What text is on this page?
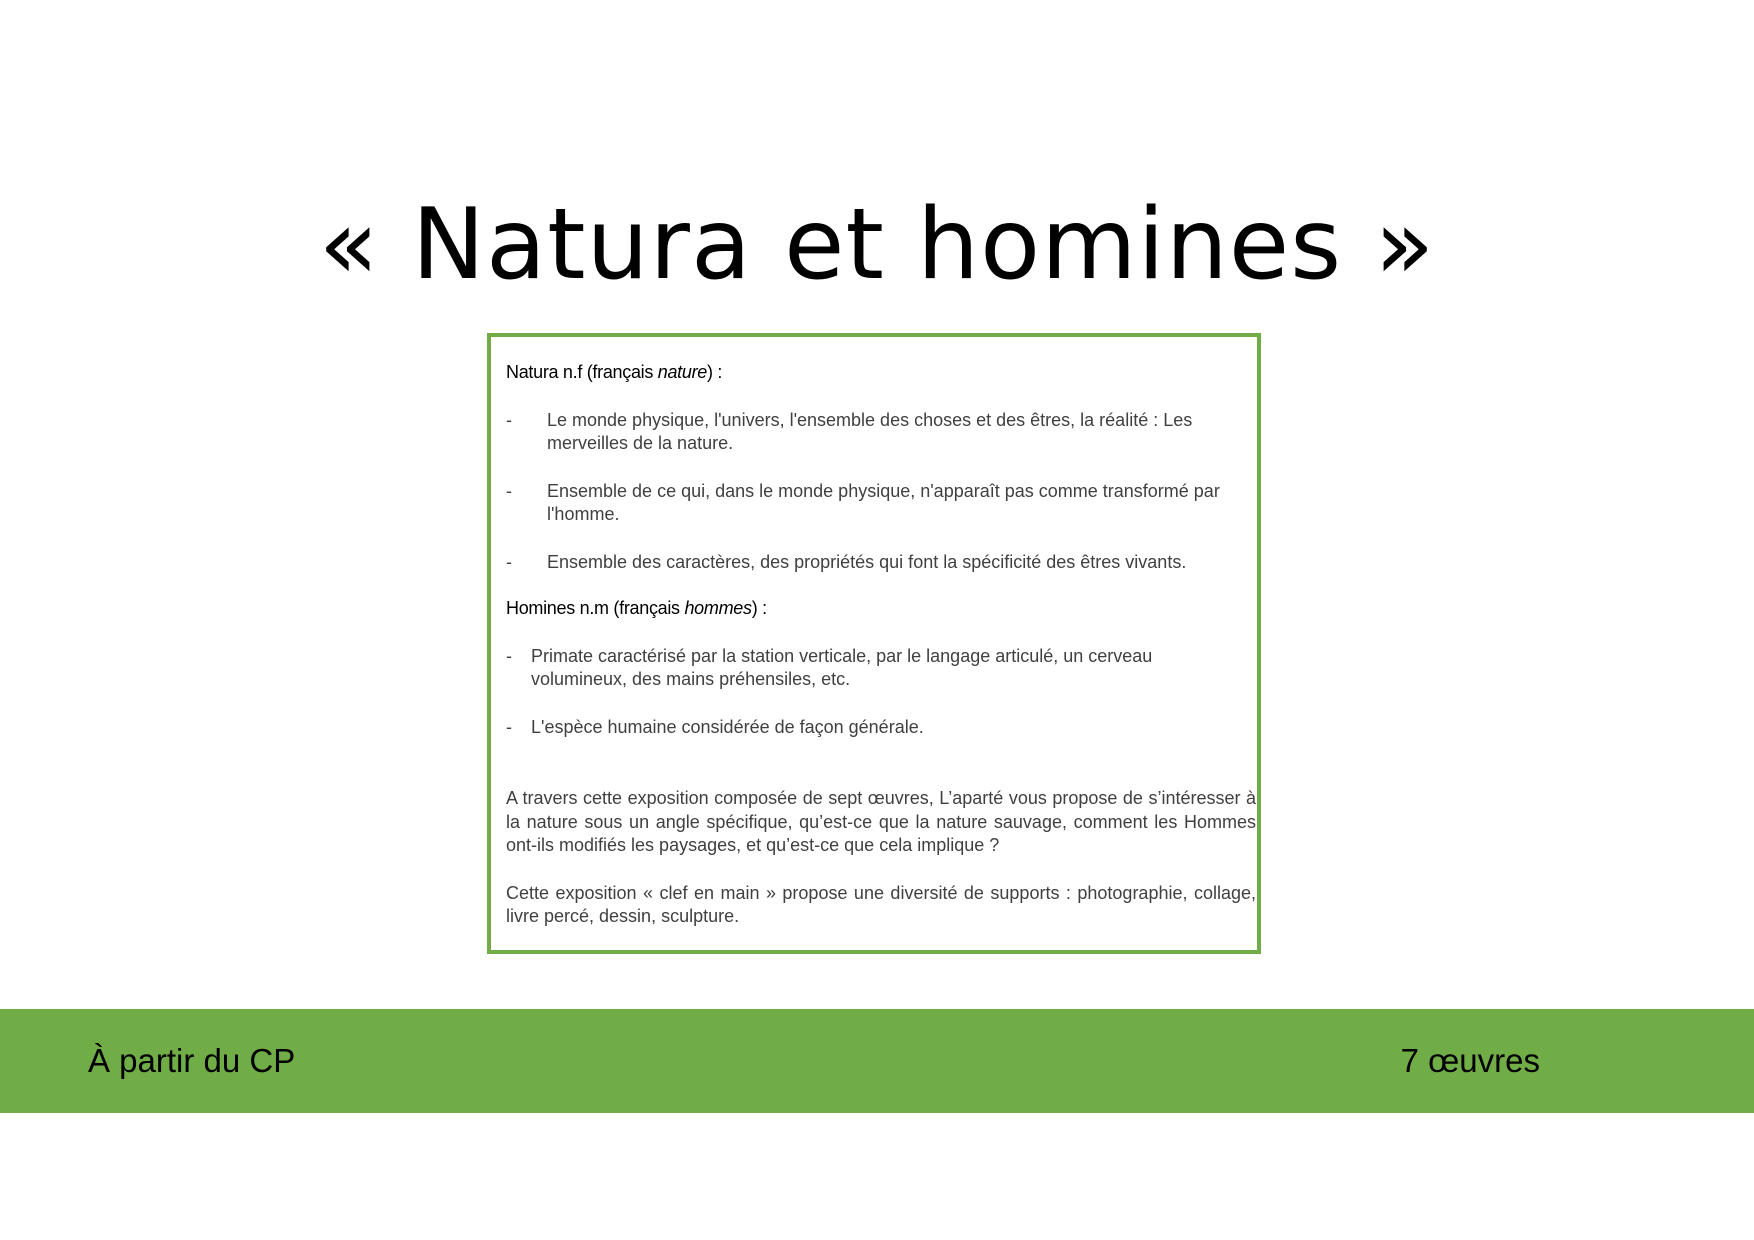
« Natura et homines »

Natura n.f (français nature) :

- Le monde physique, l'univers, l'ensemble des choses et des êtres, la réalité : Les merveilles de la nature.

- Ensemble de ce qui, dans le monde physique, n'apparaît pas comme transformé par l'homme.

- Ensemble des caractères, des propriétés qui font la spécificité des êtres vivants.

Homines n.m (français hommes) :

- Primate caractérisé par la station verticale, par le langage articulé, un cerveau volumineux, des mains préhensiles, etc.

- L'espèce humaine considérée de façon générale.

A travers cette exposition composée de sept œuvres, L’aparté vous propose de s’intéresser à la nature sous un angle spécifique, qu’est-ce que la nature sauvage, comment les Hommes ont-ils modifiés les paysages, et qu’est-ce que cela implique ?

Cette exposition « clef en main » propose une diversité de supports : photographie, collage, livre percé, dessin, sculpture.

À partir du CP	7 œuvres
